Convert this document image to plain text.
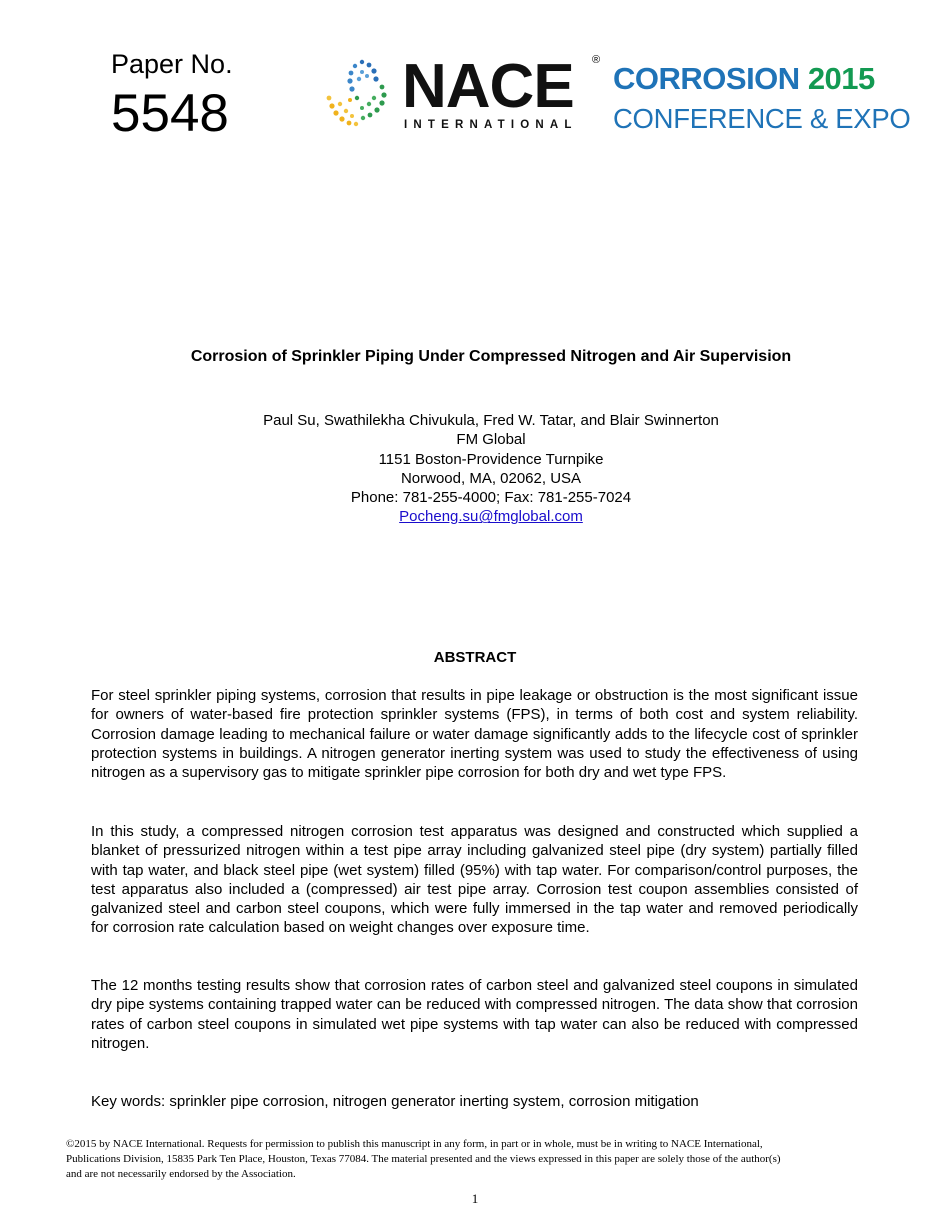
Paper No.
5548	NACE
INTERNATIONAL
®
CORROSION 2015
CONFERENCE & EXPO
Corrosion of Sprinkler Piping Under Compressed Nitrogen and Air Supervision
Paul Su, Swathilekha Chivukula, Fred W. Tatar, and Blair Swinnerton
FM Global
1151 Boston-Providence Turnpike
Norwood, MA, 02062, USA
Phone: 781-255-4000; Fax: 781-255-7024
Pocheng.su@fmglobal.com
ABSTRACT
For steel sprinkler piping systems, corrosion that results in pipe leakage or obstruction is the most significant issue for owners of water-based fire protection sprinkler systems (FPS), in terms of both cost and system reliability. Corrosion damage leading to mechanical failure or water damage significantly adds to the lifecycle cost of sprinkler protection systems in buildings. A nitrogen generator inerting system was used to study the effectiveness of using nitrogen as a supervisory gas to mitigate sprinkler pipe corrosion for both dry and wet type FPS.
In this study, a compressed nitrogen corrosion test apparatus was designed and constructed which supplied a blanket of pressurized nitrogen within a test pipe array including galvanized steel pipe (dry system) partially filled with tap water, and black steel pipe (wet system) filled (95%) with tap water. For comparison/control purposes, the test apparatus also included a (compressed) air test pipe array. Corrosion test coupon assemblies consisted of galvanized steel and carbon steel coupons, which were fully immersed in the tap water and removed periodically for corrosion rate calculation based on weight changes over exposure time.
The 12 months testing results show that corrosion rates of carbon steel and galvanized steel coupons in simulated dry pipe systems containing trapped water can be reduced with compressed nitrogen. The data show that corrosion rates of carbon steel coupons in simulated wet pipe systems with tap water can also be reduced with compressed nitrogen.
Key words: sprinkler pipe corrosion, nitrogen generator inerting system, corrosion mitigation
©2015 by NACE International. Requests for permission to publish this manuscript in any form, in part or in whole, must be in writing to NACE International, Publications Division, 15835 Park Ten Place, Houston, Texas 77084. The material presented and the views expressed in this paper are solely those of the author(s) and are not necessarily endorsed by the Association.
1
